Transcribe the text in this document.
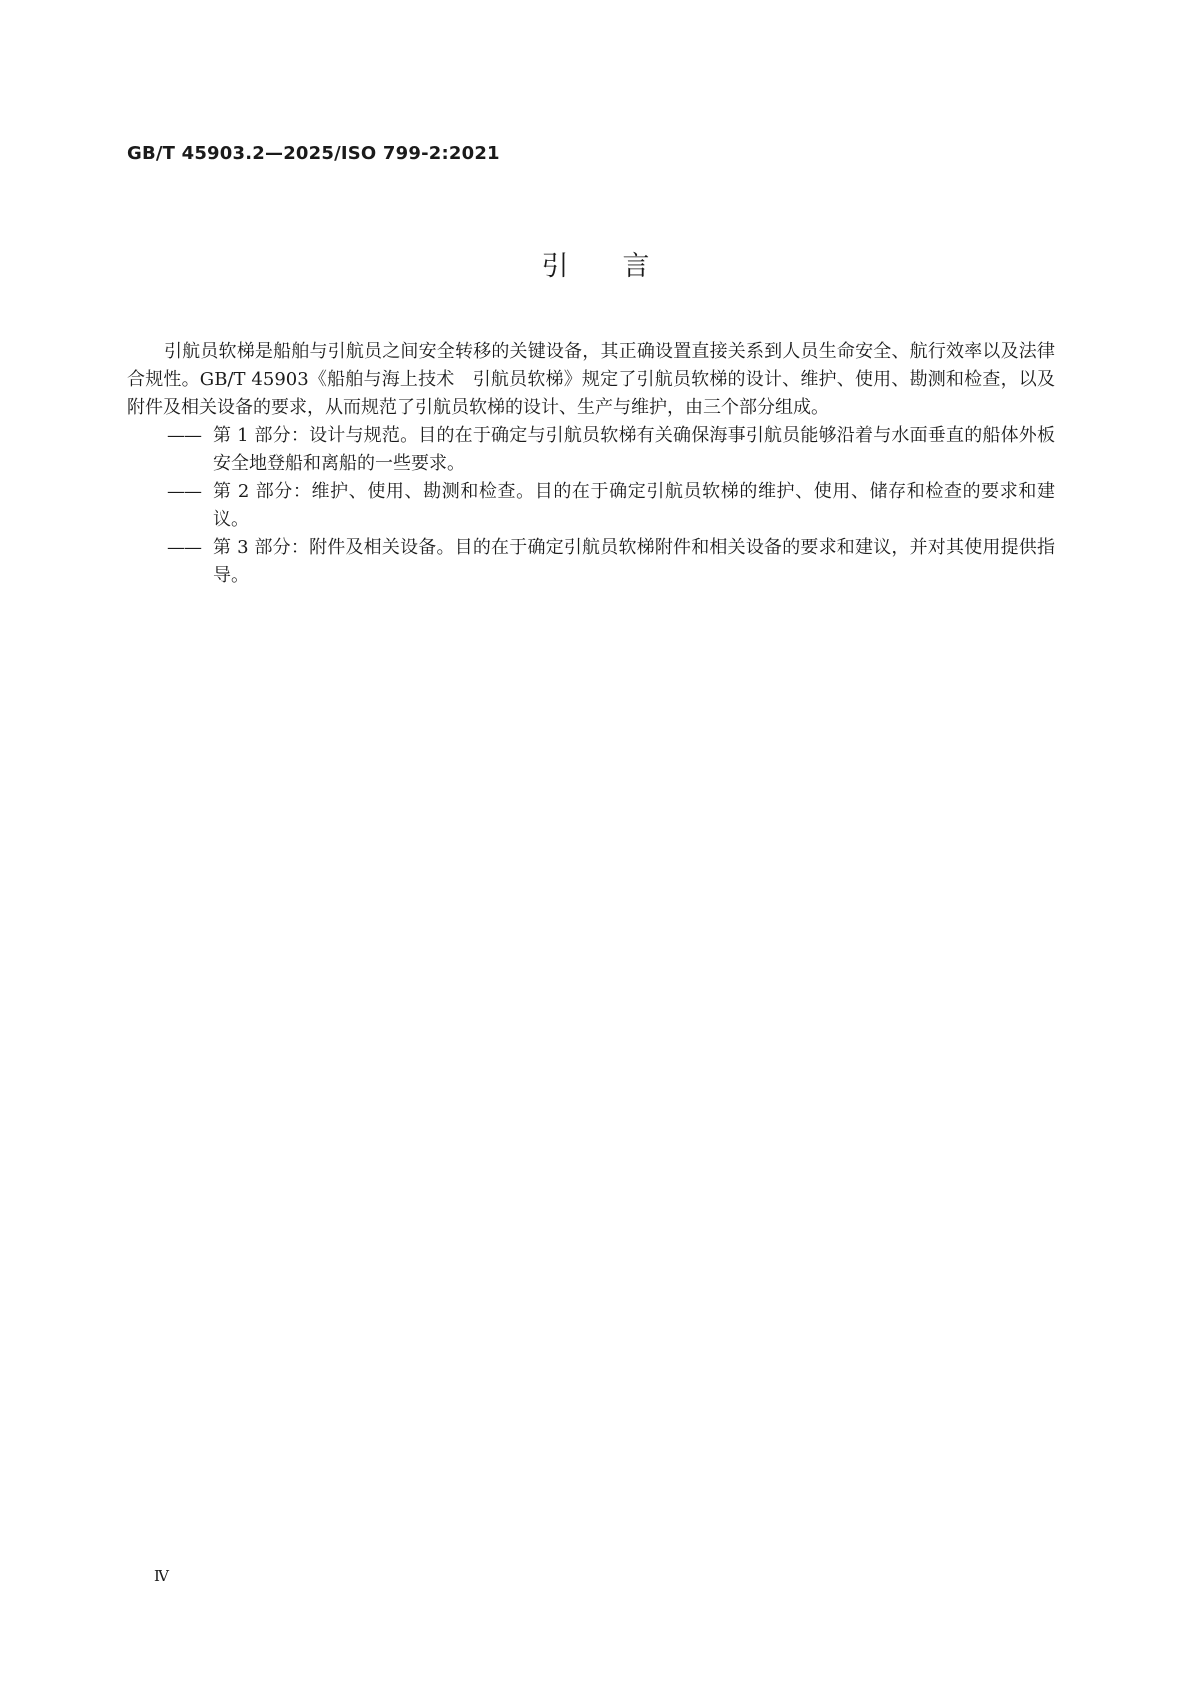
GB/T 45903.2—2025/ISO 799-2:2021
引　　言

引航员软梯是船舶与引航员之间安全转移的关键设备，其正确设置直接关系到人员生命安全、航行效率以及法律合规性。GB/T 45903《船舶与海上技术　引航员软梯》规定了引航员软梯的设计、维护、使用、勘测和检查，以及附件及相关设备的要求，从而规范了引航员软梯的设计、生产与维护，由三个部分组成。

—— 第 1 部分：设计与规范。目的在于确定与引航员软梯有关确保海事引航员能够沿着与水面垂直的船体外板安全地登船和离船的一些要求。
—— 第 2 部分：维护、使用、勘测和检查。目的在于确定引航员软梯的维护、使用、储存和检查的要求和建议。
—— 第 3 部分：附件及相关设备。目的在于确定引航员软梯附件和相关设备的要求和建议，并对其使用提供指导。
Ⅳ
